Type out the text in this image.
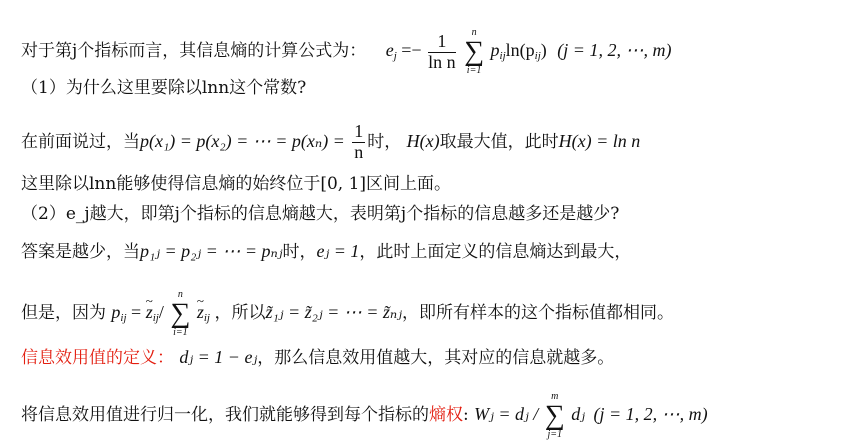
对于第j个指标而言，其信息熵的计算公式为： $e_j =- \frac{1}{\text{ln n}}$
	n
∑
i=1
$p_{ij}\ln(p_{ij}) (j = 1$, 2, ⋯, m)
（1）为什么这里要除以lnn这个常数?
在前面说过，当p(x₁) = p(x₂) = ⋯ = $p(x_n) = \frac{1}{n}$ 时， H(x)取最大值，此时H(x) = ln n
这里除以lnn能够使得信息熵的始终位于[0, 1]区间上面。
（2）e_j越大，即第j个指标的信息熵越大，表明第j个指标的信息越多还是越少?
答案是越少，当p₁ⱼ = p₂ⱼ = ⋯ = pₙⱼ时，eⱼ = 1，此时上面定义的信息熵达到最大，
但是，因为 $p_{ij}$ = ~ $z_{ij}/$
n
∑
i=1
~ $z_{ij}$ ，所以z̃₁ⱼ = z̃₂ⱼ = ⋯ = z̃ₙⱼ，即所有样本的这个指标值都相同。
信息效用值的定义： dⱼ = 1 − eⱼ，那么信息效用值越大，其对应的信息就越多。
将信息效用值进行归一化，我们就能够得到每个指标的熵权: Wⱼ = dⱼ /
m
∑
j=1
dⱼ (j = 1, 2, ⋯, m)
